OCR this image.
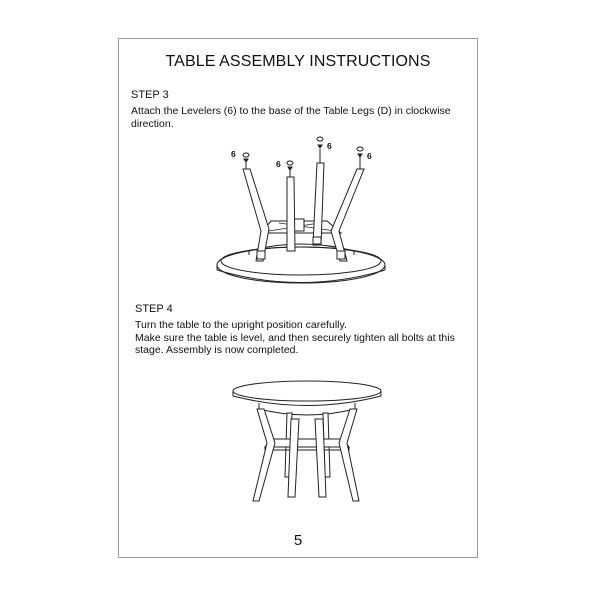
TABLE ASSEMBLY INSTRUCTIONS
STEP 3

Attach the Levelers (6) to the base of the Table Legs (D) in clockwise direction.

6
6
6
6
STEP 4

Turn the table to the upright position carefully.

Make sure the table is level, and then securely tighten all bolts at this stage. Assembly is now completed.

5
